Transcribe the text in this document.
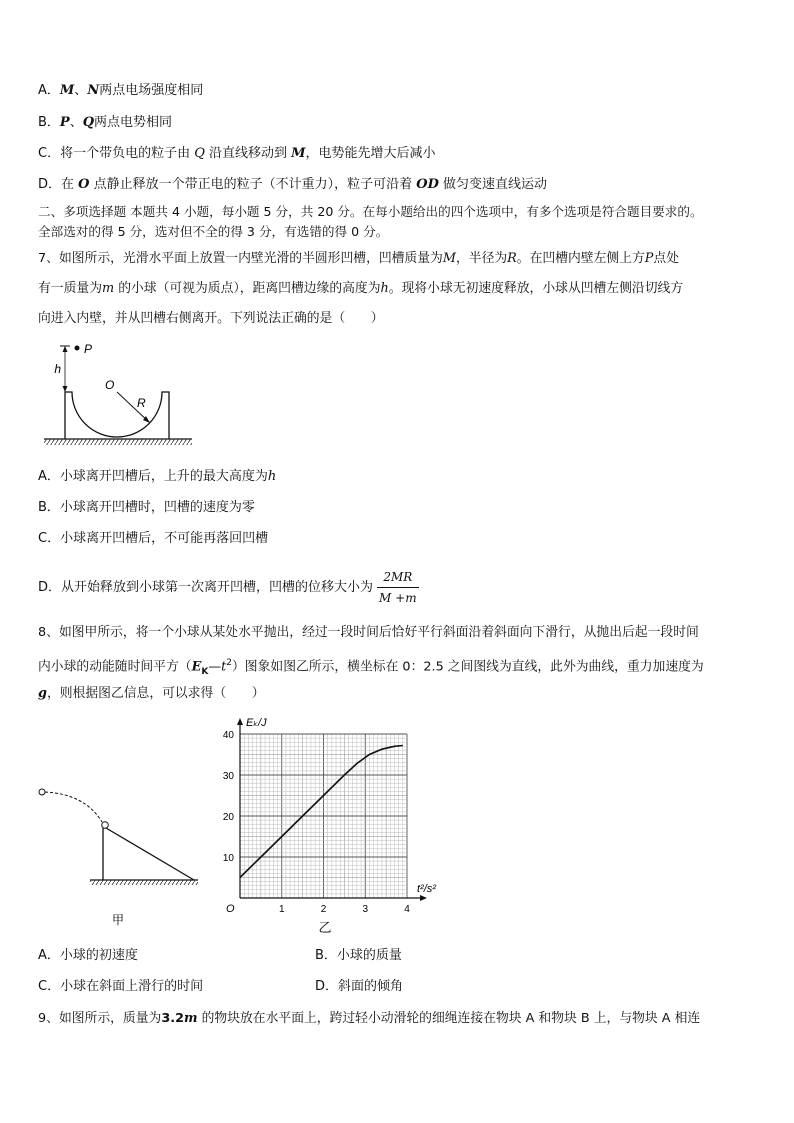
A．M、N两点电场强度相同
B．P、Q两点电势相同
C．将一个带负电的粒子由 Q 沿直线移动到 M，电势能先增大后减小
D．在 O 点静止释放一个带正电的粒子（不计重力），粒子可沿着 OD 做匀变速直线运动
二、多项选择题 本题共 4 小题，每小题 5 分，共 20 分。在每小题给出的四个选项中，有多个选项是符合题目要求的。
全部选对的得 5 分，选对但不全的得 3 分，有选错的得 0 分。
7、如图所示，光滑水平面上放置一内壁光滑的半圆形凹槽，凹槽质量为M，半径为R。在凹槽内壁左侧上方P点处
有一质量为m 的小球（可视为质点），距离凹槽边缘的高度为h。现将小球无初速度释放，小球从凹槽左侧沿切线方
向进入内壁，并从凹槽右侧离开。下列说法正确的是（　　）
P
h
O
R
A．小球离开凹槽后，上升的最大高度为h
B．小球离开凹槽时，凹槽的速度为零
C．小球离开凹槽后，不可能再落回凹槽
D．从开始释放到小球第一次离开凹槽，凹槽的位移大小为 $\frac{2MR}{M +m}$
8、如图甲所示，将一个小球从某处水平抛出，经过一段时间后恰好平行斜面沿着斜面向下滑行，从抛出后起一段时间
内小球的动能随时间平方$(E_K—t^2)$图象如图乙所示，横坐标在 0：2.5 之间图线为直线，此外为曲线，重力加速度为
g，则根据图乙信息，可以求得（　　）
甲
1	2	3	4
10
20
30
40
Eₖ/J
t²/s²
O
乙
A．小球的初速度	B．小球的质量
C．小球在斜面上滑行的时间	D．斜面的倾角
9、如图所示，质量为3.2m 的物块放在水平面上，跨过轻小动滑轮的细绳连接在物块 A 和物块 B 上，与物块 A 相连
